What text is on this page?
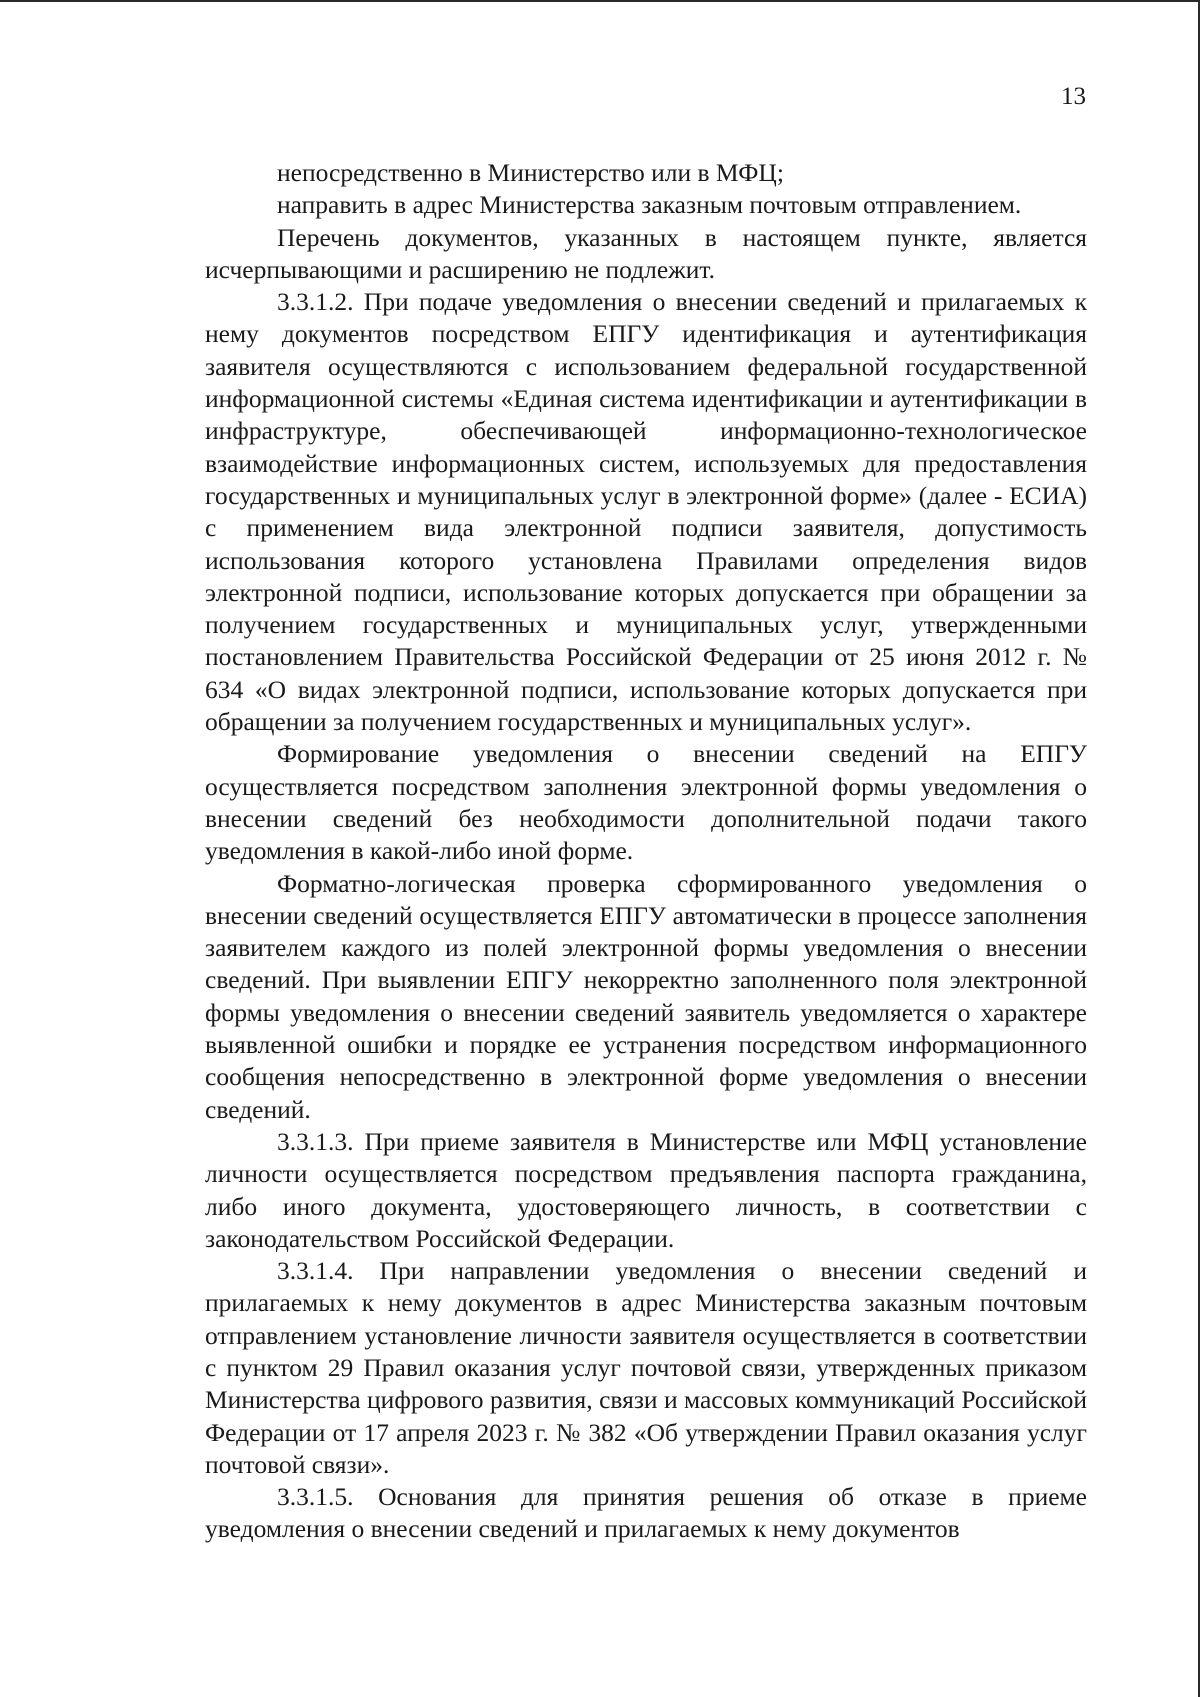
13

непосредственно в Министерство или в МФЦ;

направить в адрес Министерства заказным почтовым отправлением.

Перечень документов, указанных в настоящем пункте, является исчерпывающими и расширению не подлежит.

3.3.1.2. При подаче уведомления о внесении сведений и прилагаемых к нему документов посредством ЕПГУ идентификация и аутентификация заявителя осуществляются с использованием федеральной государственной информационной системы «Единая система идентификации и аутентификации в инфраструктуре, обеспечивающей информационно-технологическое взаимодействие информационных систем, используемых для предоставления государственных и муниципальных услуг в электронной форме» (далее - ЕСИА) с применением вида электронной подписи заявителя, допустимость использования которого установлена Правилами определения видов электронной подписи, использование которых допускается при обращении за получением государственных и муниципальных услуг, утвержденными постановлением Правительства Российской Федерации от 25 июня 2012 г. № 634 «О видах электронной подписи, использование которых допускается при обращении за получением государственных и муниципальных услуг».

Формирование уведомления о внесении сведений на ЕПГУ осуществляется посредством заполнения электронной формы уведомления о внесении сведений без необходимости дополнительной подачи такого уведомления в какой-либо иной форме.

Форматно-логическая проверка сформированного уведомления о внесении сведений осуществляется ЕПГУ автоматически в процессе заполнения заявителем каждого из полей электронной формы уведомления о внесении сведений. При выявлении ЕПГУ некорректно заполненного поля электронной формы уведомления о внесении сведений заявитель уведомляется о характере выявленной ошибки и порядке ее устранения посредством информационного сообщения непосредственно в электронной форме уведомления о внесении сведений.

3.3.1.3. При приеме заявителя в Министерстве или МФЦ установление личности осуществляется посредством предъявления паспорта гражданина, либо иного документа, удостоверяющего личность, в соответствии с законодательством Российской Федерации.

3.3.1.4. При направлении уведомления о внесении сведений и прилагаемых к нему документов в адрес Министерства заказным почтовым отправлением установление личности заявителя осуществляется в соответствии с пунктом 29 Правил оказания услуг почтовой связи, утвержденных приказом Министерства цифрового развития, связи и массовых коммуникаций Российской Федерации от 17 апреля 2023 г. № 382 «Об утверждении Правил оказания услуг почтовой связи».

3.3.1.5. Основания для принятия решения об отказе в приеме уведомления о внесении сведений и прилагаемых к нему документов
